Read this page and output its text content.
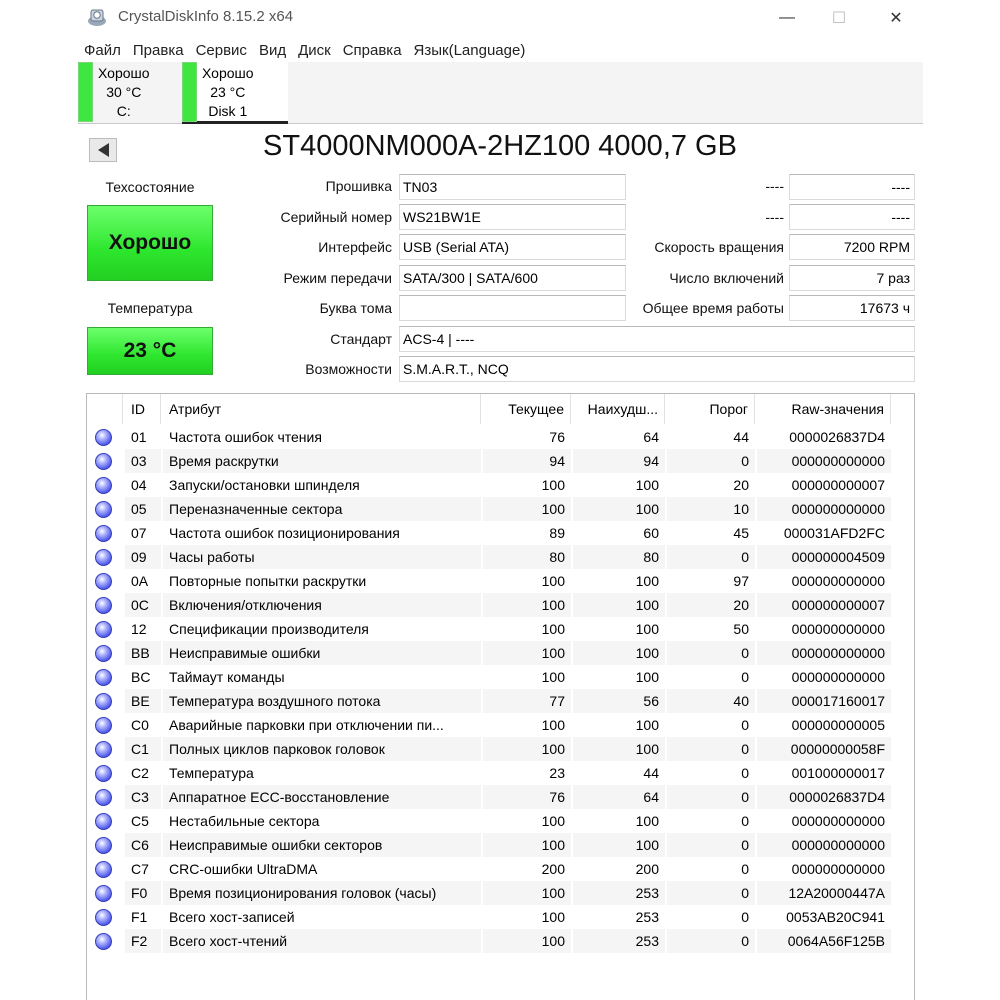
CrystalDiskInfo 8.15.2 x64	—	☐	✕
Файл Правка Сервис Вид Диск Справка Язык(Language)
Хорошо
30 °C
C:
Хорошо
23 °C
Disk 1
ST4000NM000A-2HZ100 4000,7 GB
Техсостояние
Хорошо
Температура
23 °C
Прошивка TN03
Серийный номер WS21BW1E
Интерфейс USB (Serial ATA)
Режим передачи SATA/300 | SATA/600
Буква тома
Стандарт ACS-4 | ----
Возможности S.M.A.R.T., NCQ
----	----
----	----
Скорость вращения	7200 RPM
Число включений	7 раз
Общее время работы	17673 ч
ID	Атрибут	Текущее	Наихудш...	Порог	Raw-значения
01	Частота ошибок чтения	76	64	44	0000026837D4
03	Время раскрутки	94	94	0	000000000000
04	Запуски/остановки шпинделя	100	100	20	000000000007
05	Переназначенные сектора	100	100	10	000000000000
07	Частота ошибок позиционирования	89	60	45	000031AFD2FC
09	Часы работы	80	80	0	000000004509
0A	Повторные попытки раскрутки	100	100	97	000000000000
0C	Включения/отключения	100	100	20	000000000007
12	Спецификации производителя	100	100	50	000000000000
BB	Неисправимые ошибки	100	100	0	000000000000
BC	Таймаут команды	100	100	0	000000000000
BE	Температура воздушного потока	77	56	40	000017160017
C0	Аварийные парковки при отключении пи...	100	100	0	000000000005
C1	Полных циклов парковок головок	100	100	0	00000000058F
C2	Температура	23	44	0	001000000017
C3	Аппаратное ECC-восстановление	76	64	0	0000026837D4
C5	Нестабильные сектора	100	100	0	000000000000
C6	Неисправимые ошибки секторов	100	100	0	000000000000
C7	CRC-ошибки UltraDMA	200	200	0	000000000000
F0	Время позиционирования головок (часы)	100	253	0	12A20000447A
F1	Всего хост-записей	100	253	0	0053AB20C941
F2	Всего хост-чтений	100	253	0	0064A56F125B
